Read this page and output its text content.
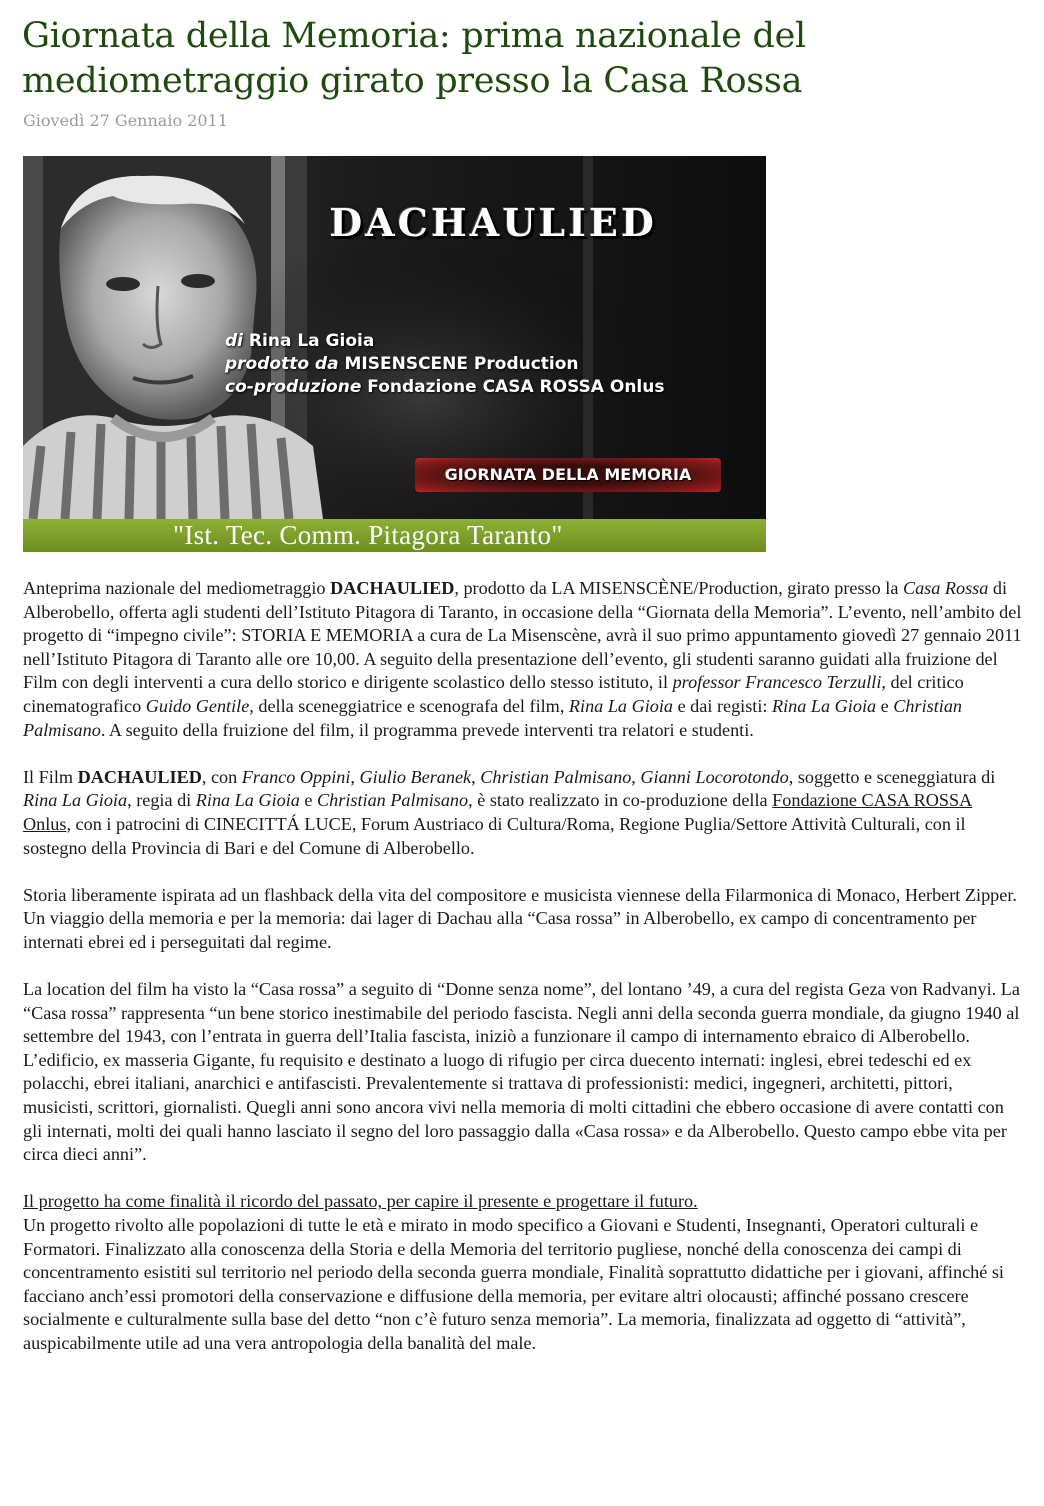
Giornata della Memoria: prima nazionale del mediometraggio girato presso la Casa Rossa
Giovedì 27 Gennaio 2011
DACHAULIED
di Rina La Gioia
prodotto da MISENSCENE Production
co-produzione Fondazione CASA ROSSA Onlus
GIORNATA DELLA MEMORIA
"Ist. Tec. Comm. Pitagora Taranto"

Anteprima nazionale del mediometraggio DACHAULIED, prodotto da LA MISENSCÈNE/Production, girato presso la Casa Rossa di Alberobello, offerta agli studenti dell’Istituto Pitagora di Taranto, in occasione della “Giornata della Memoria”. L’evento, nell’ambito del progetto di “impegno civile”: STORIA E MEMORIA a cura de La Misenscène, avrà il suo primo appuntamento giovedì 27 gennaio 2011 nell’Istituto Pitagora di Taranto alle ore 10,00. A seguito della presentazione dell’evento, gli studenti saranno guidati alla fruizione del Film con degli interventi a cura dello storico e dirigente scolastico dello stesso istituto, il professor Francesco Terzulli, del critico cinematografico Guido Gentile, della sceneggiatrice e scenografa del film, Rina La Gioia e dai registi: Rina La Gioia e Christian Palmisano. A seguito della fruizione del film, il programma prevede interventi tra relatori e studenti.

Il Film DACHAULIED, con Franco Oppini, Giulio Beranek, Christian Palmisano, Gianni Locorotondo, soggetto e sceneggiatura di Rina La Gioia, regia di Rina La Gioia e Christian Palmisano, è stato realizzato in co-produzione della Fondazione CASA ROSSA Onlus, con i patrocini di CINECITTÁ LUCE, Forum Austriaco di Cultura/Roma, Regione Puglia/Settore Attività Culturali, con il sostegno della Provincia di Bari e del Comune di Alberobello.

Storia liberamente ispirata ad un flashback della vita del compositore e musicista viennese della Filarmonica di Monaco, Herbert Zipper. Un viaggio della memoria e per la memoria: dai lager di Dachau alla “Casa rossa” in Alberobello, ex campo di concentramento per internati ebrei ed i perseguitati dal regime.

La location del film ha visto la “Casa rossa” a seguito di “Donne senza nome”, del lontano ’49, a cura del regista Geza von Radvanyi. La “Casa rossa” rappresenta “un bene storico inestimabile del periodo fascista. Negli anni della seconda guerra mondiale, da giugno 1940 al settembre del 1943, con l’entrata in guerra dell’Italia fascista, iniziò a funzionare il campo di internamento ebraico di Alberobello. L’edificio, ex masseria Gigante, fu requisito e destinato a luogo di rifugio per circa duecento internati: inglesi, ebrei tedeschi ed ex polacchi, ebrei italiani, anarchici e antifascisti. Prevalentemente si trattava di professionisti: medici, ingegneri, architetti, pittori, musicisti, scrittori, giornalisti. Quegli anni sono ancora vivi nella memoria di molti cittadini che ebbero occasione di avere contatti con gli internati, molti dei quali hanno lasciato il segno del loro passaggio dalla «Casa rossa» e da Alberobello. Questo campo ebbe vita per circa dieci anni”.

Il progetto ha come finalità il ricordo del passato, per capire il presente e progettare il futuro.

Un progetto rivolto alle popolazioni di tutte le età e mirato in modo specifico a Giovani e Studenti, Insegnanti, Operatori culturali e Formatori. Finalizzato alla conoscenza della Storia e della Memoria del territorio pugliese, nonché della conoscenza dei campi di concentramento esistiti sul territorio nel periodo della seconda guerra mondiale, Finalità soprattutto didattiche per i giovani, affinché si facciano anch’essi promotori della conservazione e diffusione della memoria, per evitare altri olocausti; affinché possano crescere socialmente e culturalmente sulla base del detto “non c’è futuro senza memoria”. La memoria, finalizzata ad oggetto di “attività”, auspicabilmente utile ad una vera antropologia della banalità del male.
